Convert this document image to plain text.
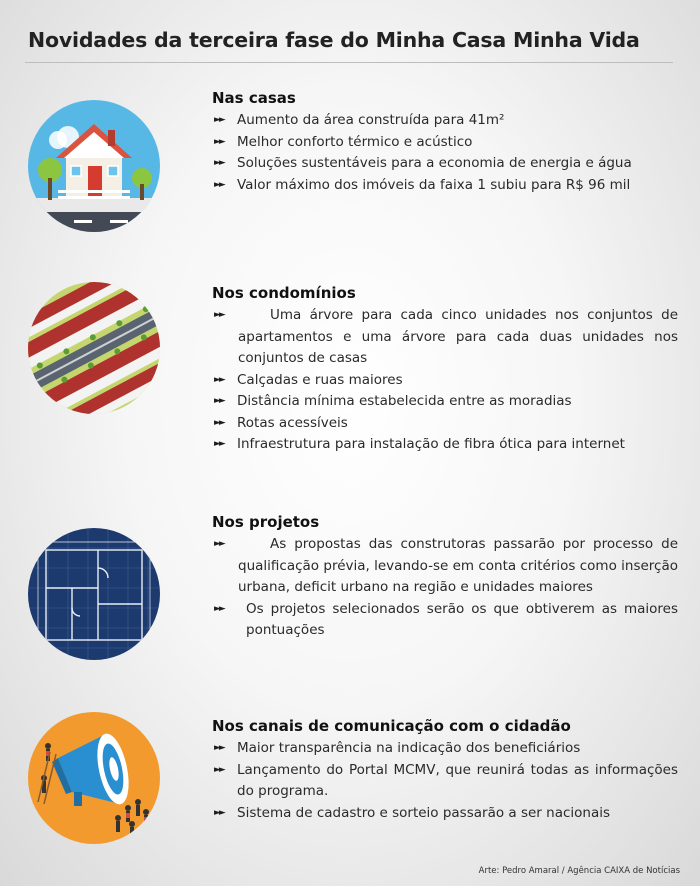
Novidades da terceira fase do Minha Casa Minha Vida
Nas casas
►► Aumento da área construída para 41m²
►► Melhor conforto térmico e acústico
►► Soluções sustentáveis para a economia de energia e água
►► Valor máximo dos imóveis da faixa 1 subiu para R$ 96 mil
Nos condomínios
►►	Uma árvore para cada cinco unidades nos conjuntos de apartamentos e uma árvore para cada duas unidades nos conjuntos de casas
►► Calçadas e ruas maiores
►► Distância mínima estabelecida entre as moradias
►► Rotas acessíveis
►► Infraestrutura para instalação de fibra ótica para internet
Nos projetos
►►	As propostas das construtoras passarão por processo de qualificação prévia, levando-se em conta critérios como inserção urbana, deficit urbano na região e unidades maiores
►► Os projetos selecionados serão os que obtiverem as maiores pontuações
Nos canais de comunicação com o cidadão
►► Maior transparência na indicação dos beneficiários
►► Lançamento do Portal MCMV, que reunirá todas as informações do programa.
►► Sistema de cadastro e sorteio passarão a ser nacionais
Arte: Pedro Amaral / Agência CAIXA de Notícias
